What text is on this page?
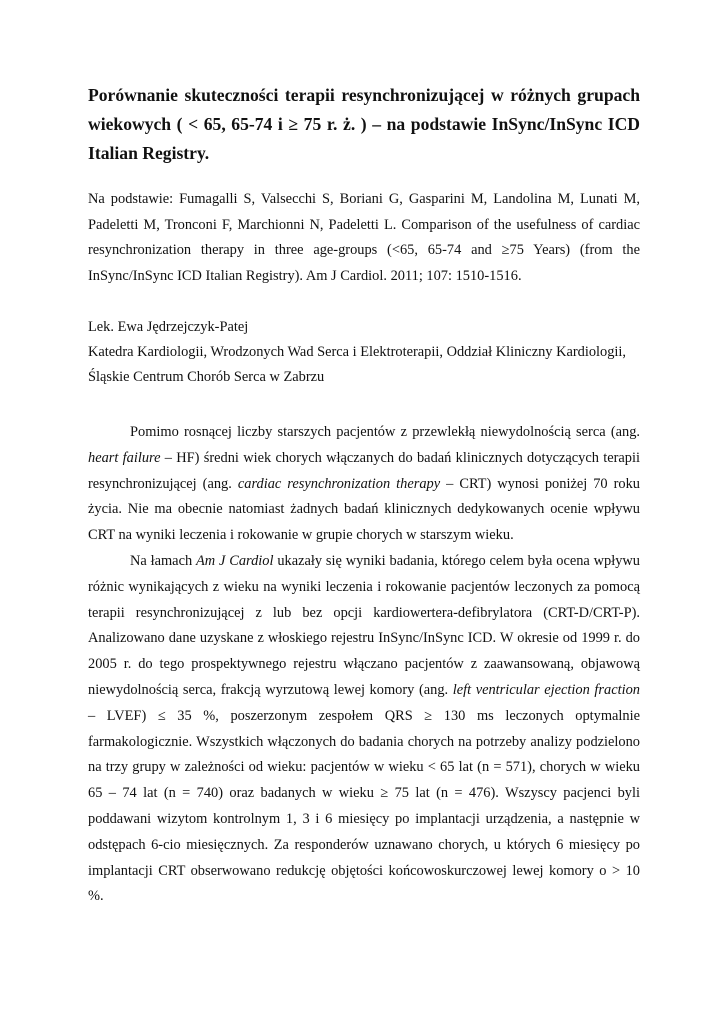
Porównanie skuteczności terapii resynchronizującej w różnych grupach wiekowych ( < 65, 65-74 i ≥ 75 r. ż. ) – na podstawie InSync/InSync ICD Italian Registry.

Na podstawie: Fumagalli S, Valsecchi S, Boriani G, Gasparini M, Landolina M, Lunati M, Padeletti M, Tronconi F, Marchionni N, Padeletti L. Comparison of the usefulness of cardiac resynchronization therapy in three age-groups (<65, 65-74 and ≥75 Years) (from the InSync/InSync ICD Italian Registry). Am J Cardiol. 2011; 107: 1510-1516.

Lek. Ewa Jędrzejczyk-Patej
Katedra Kardiologii, Wrodzonych Wad Serca i Elektroterapii, Oddział Kliniczny Kardiologii,
Śląskie Centrum Chorób Serca w Zabrzu

Pomimo rosnącej liczby starszych pacjentów z przewlekłą niewydolnością serca (ang. heart failure – HF) średni wiek chorych włączanych do badań klinicznych dotyczących terapii resynchronizującej (ang. cardiac resynchronization therapy – CRT) wynosi poniżej 70 roku życia. Nie ma obecnie natomiast żadnych badań klinicznych dedykowanych ocenie wpływu CRT na wyniki leczenia i rokowanie w grupie chorych w starszym wieku.

Na łamach Am J Cardiol ukazały się wyniki badania, którego celem była ocena wpływu różnic wynikających z wieku na wyniki leczenia i rokowanie pacjentów leczonych za pomocą terapii resynchronizującej z lub bez opcji kardiowertera-defibrylatora (CRT-D/CRT-P). Analizowano dane uzyskane z włoskiego rejestru InSync/InSync ICD. W okresie od 1999 r. do 2005 r. do tego prospektywnego rejestru włączano pacjentów z zaawansowaną, objawową niewydolnością serca, frakcją wyrzutową lewej komory (ang. left ventricular ejection fraction – LVEF) ≤ 35 %, poszerzonym zespołem QRS ≥ 130 ms leczonych optymalnie farmakologicznie. Wszystkich włączonych do badania chorych na potrzeby analizy podzielono na trzy grupy w zależności od wieku: pacjentów w wieku < 65 lat (n = 571), chorych w wieku 65 – 74 lat (n = 740) oraz badanych w wieku ≥ 75 lat (n = 476). Wszyscy pacjenci byli poddawani wizytom kontrolnym 1, 3 i 6 miesięcy po implantacji urządzenia, a następnie w odstępach 6-cio miesięcznych. Za responderów uznawano chorych, u których 6 miesięcy po implantacji CRT obserwowano redukcję objętości końcowoskurczowej lewej komory o > 10 %.
